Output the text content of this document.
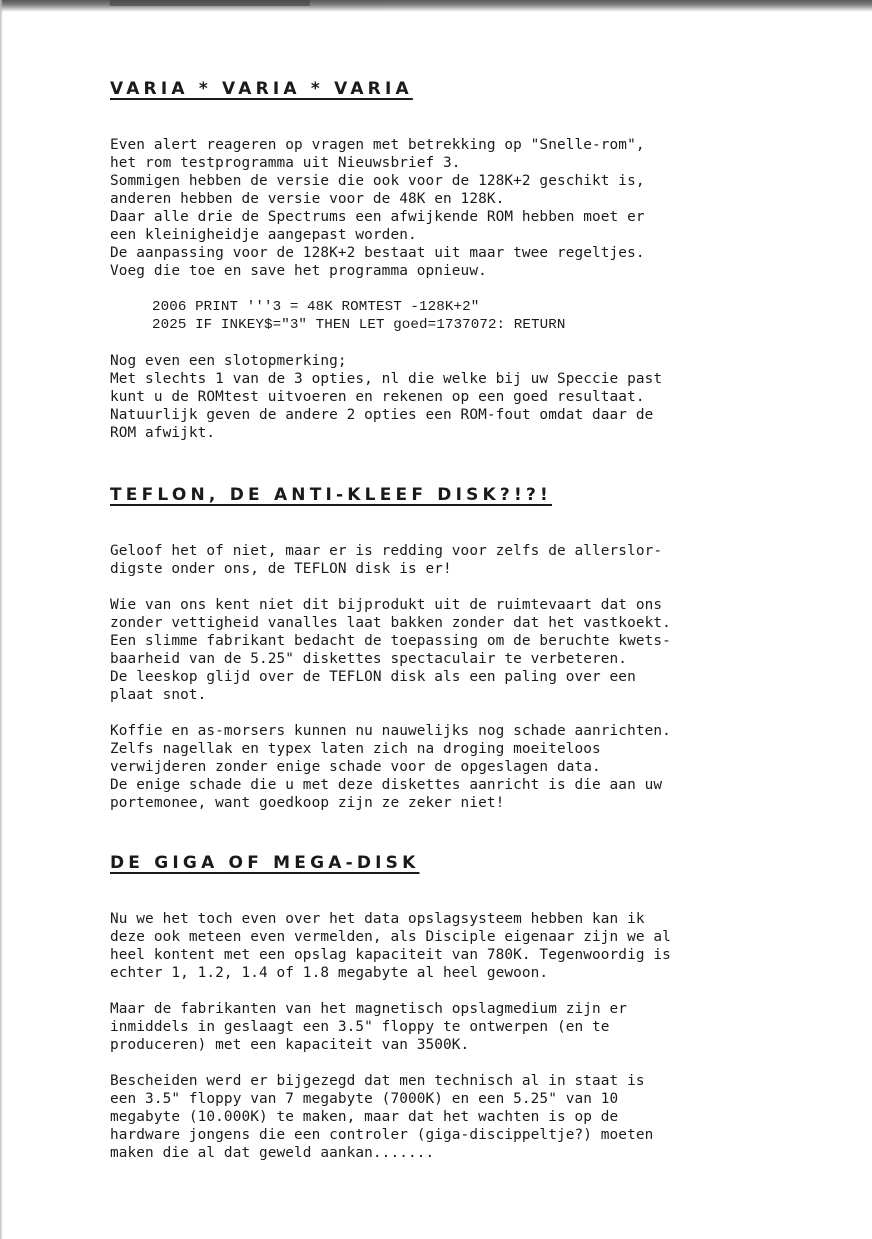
VARIA * VARIA * VARIA

Even alert reageren op vragen met betrekking op "Snelle-rom",
het rom testprogramma uit Nieuwsbrief 3.
Sommigen hebben de versie die ook voor de 128K+2 geschikt is,
anderen hebben de versie voor de 48K en 128K.
Daar alle drie de Spectrums een afwijkende ROM hebben moet er
een kleinigheidje aangepast worden.
De aanpassing voor de 128K+2 bestaat uit maar twee regeltjes.
Voeg die toe en save het programma opnieuw.

2006 PRINT '''3 = 48K ROMTEST -128K+2"
2025 IF INKEY$="3" THEN LET goed=1737072: RETURN

Nog even een slotopmerking;
Met slechts 1 van de 3 opties, nl die welke bij uw Speccie past
kunt u de ROMtest uitvoeren en rekenen op een goed resultaat.
Natuurlijk geven de andere 2 opties een ROM-fout omdat daar de
ROM afwijkt.

TEFLON, DE ANTI-KLEEF DISK?!?!

Geloof het of niet, maar er is redding voor zelfs de allerslor-
digste onder ons, de TEFLON disk is er!

Wie van ons kent niet dit bijprodukt uit de ruimtevaart dat ons
zonder vettigheid vanalles laat bakken zonder dat het vastkoekt.
Een slimme fabrikant bedacht de toepassing om de beruchte kwets-
baarheid van de 5.25" diskettes spectaculair te verbeteren.
De leeskop glijd over de TEFLON disk als een paling over een
plaat snot.

Koffie en as-morsers kunnen nu nauwelijks nog schade aanrichten.
Zelfs nagellak en typex laten zich na droging moeiteloos
verwijderen zonder enige schade voor de opgeslagen data.
De enige schade die u met deze diskettes aanricht is die aan uw
portemonee, want goedkoop zijn ze zeker niet!

DE GIGA OF MEGA-DISK

Nu we het toch even over het data opslagsysteem hebben kan ik
deze ook meteen even vermelden, als Disciple eigenaar zijn we al
heel kontent met een opslag kapaciteit van 780K. Tegenwoordig is
echter 1, 1.2, 1.4 of 1.8 megabyte al heel gewoon.

Maar de fabrikanten van het magnetisch opslagmedium zijn er
inmiddels in geslaagt een 3.5" floppy te ontwerpen (en te
produceren) met een kapaciteit van 3500K.

Bescheiden werd er bijgezegd dat men technisch al in staat is
een 3.5" floppy van 7 megabyte (7000K) en een 5.25" van 10
megabyte (10.000K) te maken, maar dat het wachten is op de
hardware jongens die een controler (giga-discippeltje?) moeten
maken die al dat geweld aankan.......
